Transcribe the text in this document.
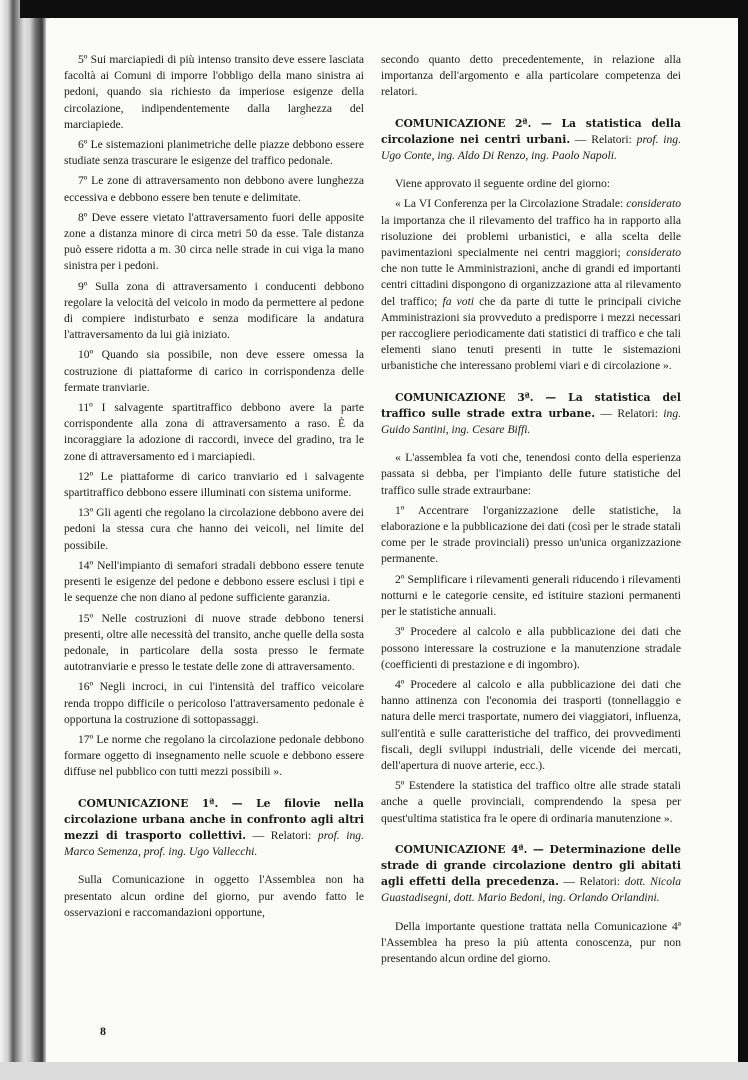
5º Sui marciapiedi di più intenso transito deve essere lasciata facoltà ai Comuni di imporre l'obbligo della mano sinistra ai pedoni, quando sia richiesto da imperiose esigenze della circolazione, indipendentemente dalla larghezza del marciapiede.

6º Le sistemazioni planimetriche delle piazze debbono essere studiate senza trascurare le esigenze del traffico pedonale.

7º Le zone di attraversamento non debbono avere lunghezza eccessiva e debbono essere ben tenute e delimitate.

8º Deve essere vietato l'attraversamento fuori delle apposite zone a distanza minore di circa metri 50 da esse. Tale distanza può essere ridotta a m. 30 circa nelle strade in cui viga la mano sinistra per i pedoni.

9º Sulla zona di attraversamento i conducenti debbono regolare la velocità del veicolo in modo da permettere al pedone di compiere indisturbato e senza modificare la andatura l'attraversamento da lui già iniziato.

10º Quando sia possibile, non deve essere omessa la costruzione di piattaforme di carico in corrispondenza delle fermate tranviarie.

11º I salvagente spartitraffico debbono avere la parte corrispondente alla zona di attraversamento a raso. È da incoraggiare la adozione di raccordi, invece del gradino, tra le zone di attraversamento ed i marciapiedi.

12º Le piattaforme di carico tranviario ed i salvagente spartitraffico debbono essere illuminati con sistema uniforme.

13º Gli agenti che regolano la circolazione debbono avere dei pedoni la stessa cura che hanno dei veicoli, nel limite del possibile.

14º Nell'impianto di semafori stradali debbono essere tenute presenti le esigenze del pedone e debbono essere esclusi i tipi e le sequenze che non diano al pedone sufficiente garanzia.

15º Nelle costruzioni di nuove strade debbono tenersi presenti, oltre alle necessità del transito, anche quelle della sosta pedonale, in particolare della sosta presso le fermate autotranviarie e presso le testate delle zone di attraversamento.

16º Negli incroci, in cui l'intensità del traffico veicolare renda troppo difficile o pericoloso l'attraversamento pedonale è opportuna la costruzione di sottopassaggi.

17º Le norme che regolano la circolazione pedonale debbono formare oggetto di insegnamento nelle scuole e debbono essere diffuse nel pubblico con tutti mezzi possibili ».

COMUNICAZIONE 1ª. — Le filovie nella circolazione urbana anche in confronto agli altri mezzi di trasporto collettivi. — Relatori: prof. ing. Marco Semenza, prof. ing. Ugo Vallecchi.

Sulla Comunicazione in oggetto l'Assemblea non ha presentato alcun ordine del giorno, pur avendo fatto le osservazioni e raccomandazioni opportune,

secondo quanto detto precedentemente, in relazione alla importanza dell'argomento e alla particolare competenza dei relatori.

COMUNICAZIONE 2ª. — La statistica della circolazione nei centri urbani. — Relatori: prof. ing. Ugo Conte, ing. Aldo Di Renzo, ing. Paolo Napoli.

Viene approvato il seguente ordine del giorno:

« La VI Conferenza per la Circolazione Stradale: considerato la importanza che il rilevamento del traffico ha in rapporto alla risoluzione dei problemi urbanistici, e alla scelta delle pavimentazioni specialmente nei centri maggiori; considerato che non tutte le Amministrazioni, anche di grandi ed importanti centri cittadini dispongono di organizzazione atta al rilevamento del traffico; fa voti che da parte di tutte le principali civiche Amministrazioni sia provveduto a predisporre i mezzi necessari per raccogliere periodicamente dati statistici di traffico e che tali elementi siano tenuti presenti in tutte le sistemazioni urbanistiche che interessano problemi viari e di circolazione ».

COMUNICAZIONE 3ª. — La statistica del traffico sulle strade extra urbane. — Relatori: ing. Guido Santini, ing. Cesare Biffi.

« L'assemblea fa voti che, tenendosi conto della esperienza passata si debba, per l'impianto delle future statistiche del traffico sulle strade extraurbane:

1º Accentrare l'organizzazione delle statistiche, la elaborazione e la pubblicazione dei dati (così per le strade statali come per le strade provinciali) presso un'unica organizzazione permanente.

2º Semplificare i rilevamenti generali riducendo i rilevamenti notturni e le categorie censite, ed istituire stazioni permanenti per le statistiche annuali.

3º Procedere al calcolo e alla pubblicazione dei dati che possono interessare la costruzione e la manutenzione stradale (coefficienti di prestazione e di ingombro).

4º Procedere al calcolo e alla pubblicazione dei dati che hanno attinenza con l'economia dei trasporti (tonnellaggio e natura delle merci trasportate, numero dei viaggiatori, influenza, sull'entità e sulle caratteristiche del traffico, dei provvedimenti fiscali, degli sviluppi industriali, delle vicende dei mercati, dell'apertura di nuove arterie, ecc.).

5º Estendere la statistica del traffico oltre alle strade statali anche a quelle provinciali, comprendendo la spesa per quest'ultima statistica fra le opere di ordinaria manutenzione ».

COMUNICAZIONE 4ª. — Determinazione delle strade di grande circolazione dentro gli abitati agli effetti della precedenza. — Relatori: dott. Nicola Guastadisegni, dott. Mario Bedoni, ing. Orlando Orlandini.

Della importante questione trattata nella Comunicazione 4ª l'Assemblea ha preso la più attenta conoscenza, pur non presentando alcun ordine del giorno.

8
